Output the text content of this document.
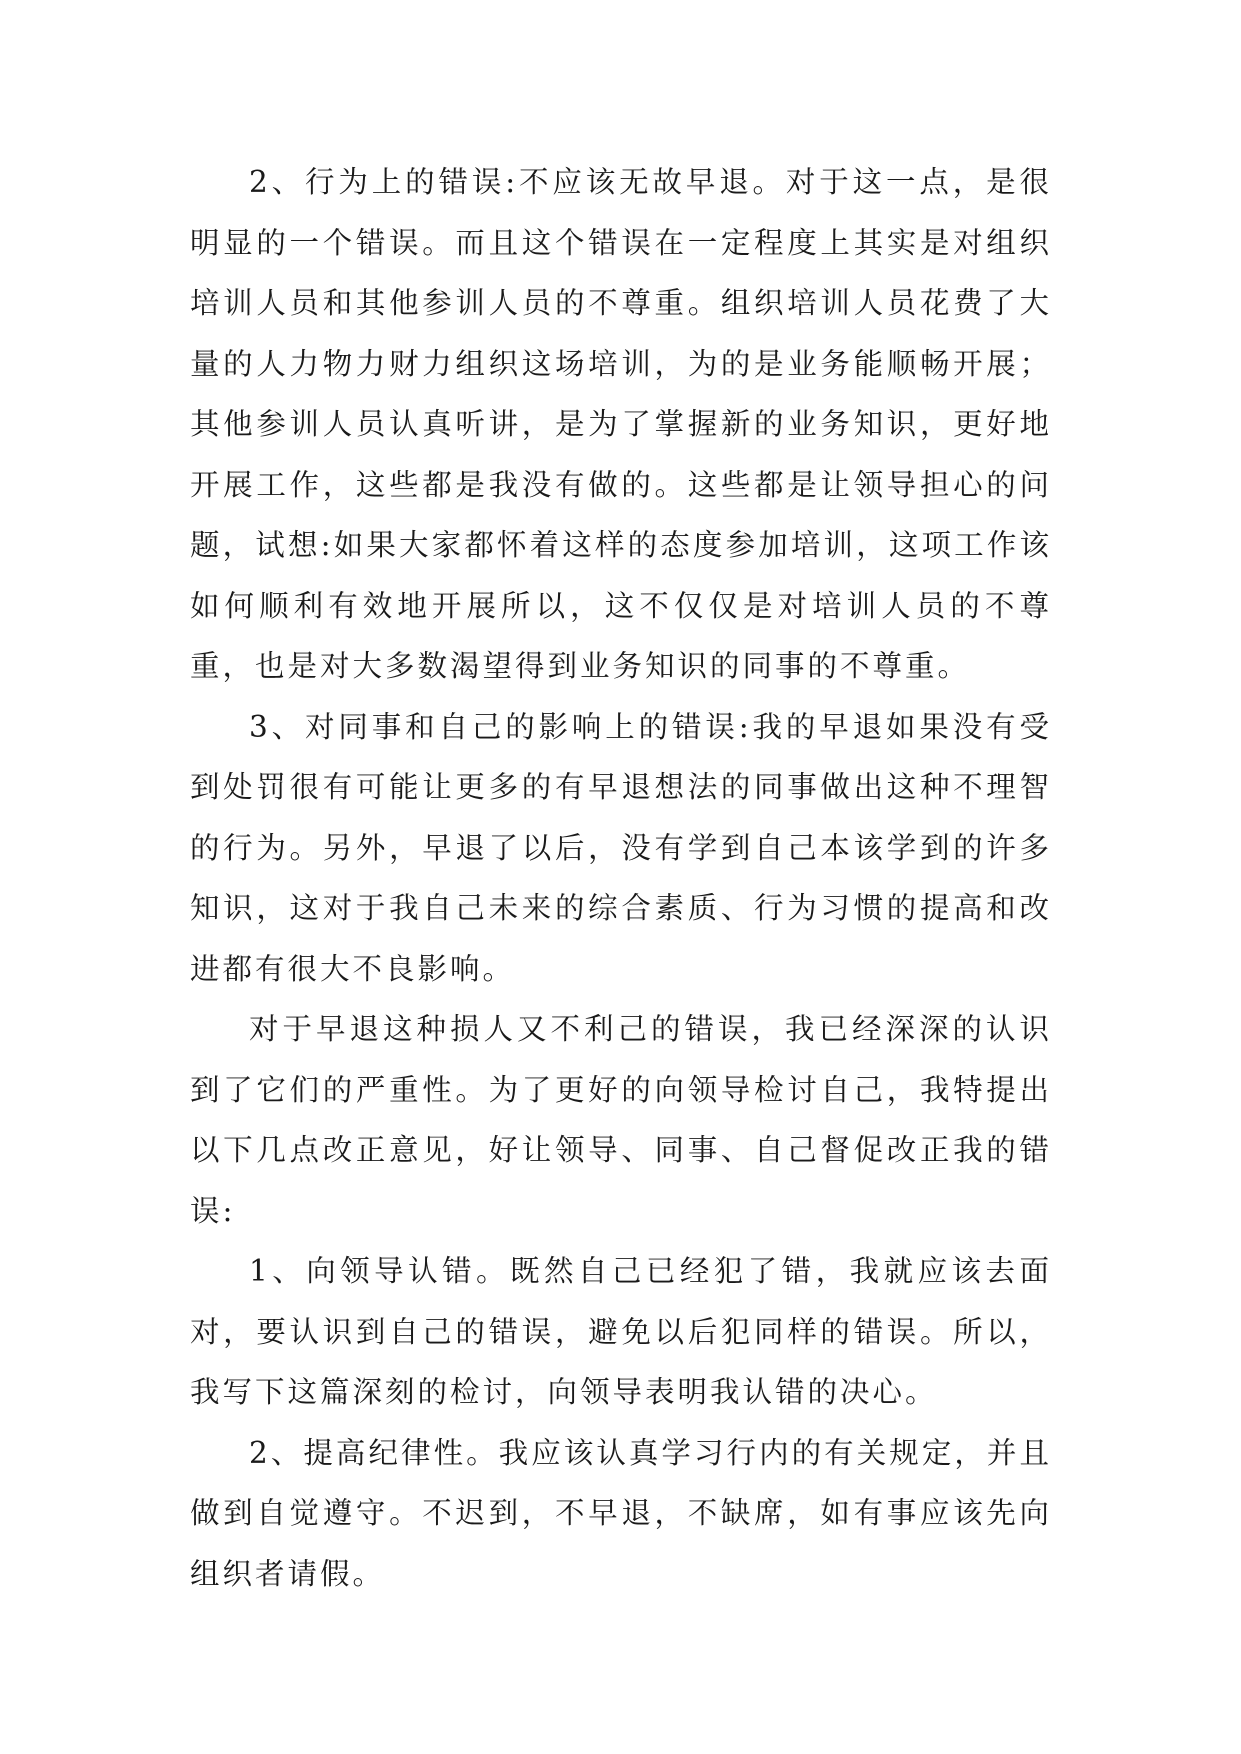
2、行为上的错误:不应该无故早退。对于这一点，是很明显的一个错误。而且这个错误在一定程度上其实是对组织培训人员和其他参训人员的不尊重。组织培训人员花费了大量的人力物力财力组织这场培训，为的是业务能顺畅开展；其他参训人员认真听讲，是为了掌握新的业务知识，更好地开展工作，这些都是我没有做的。这些都是让领导担心的问题，试想:如果大家都怀着这样的态度参加培训，这项工作该如何顺利有效地开展所以，这不仅仅是对培训人员的不尊重，也是对大多数渴望得到业务知识的同事的不尊重。

3、对同事和自己的影响上的错误:我的早退如果没有受到处罚很有可能让更多的有早退想法的同事做出这种不理智的行为。另外，早退了以后，没有学到自己本该学到的许多知识，这对于我自己未来的综合素质、行为习惯的提高和改进都有很大不良影响。

对于早退这种损人又不利己的错误，我已经深深的认识到了它们的严重性。为了更好的向领导检讨自己，我特提出以下几点改正意见，好让领导、同事、自己督促改正我的错误:

1、向领导认错。既然自己已经犯了错，我就应该去面对，要认识到自己的错误，避免以后犯同样的错误。所以，我写下这篇深刻的检讨，向领导表明我认错的决心。

2、提高纪律性。我应该认真学习行内的有关规定，并且做到自觉遵守。不迟到，不早退，不缺席，如有事应该先向组织者请假。
